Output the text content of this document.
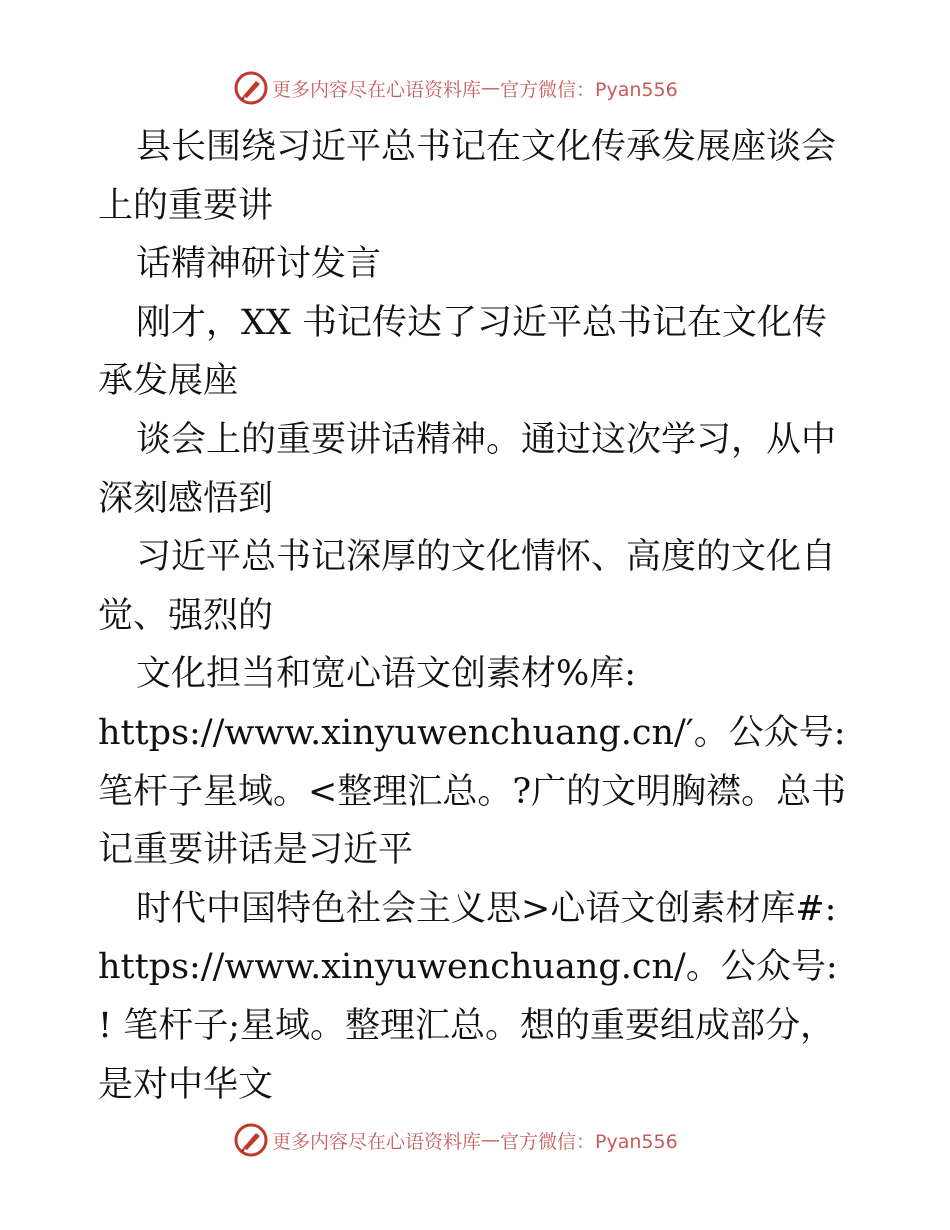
更多内容尽在心语资料库 — 官方微信：Pyan556

县长围绕习近平总书记在文化传承发展座谈会上的重要讲

话精神研讨发言

刚才，XX 书记传达了习近平总书记在文化传承发展座

谈会上的重要讲话精神。通过这次学习，从中深刻感悟到

习近平总书记深厚的文化情怀、高度的文化自觉、强烈的

文化担当和宽心语文创素材%库: https://www.xinyuwenchuang.cn/′。公众号: 笔杆子星域。<整理汇总。?广的文明胸襟。总书记重要讲话是习近平

时代中国特色社会主义思>心语文创素材库#: https://www.xinyuwenchuang.cn/。公众号: ! 笔杆子;星域。整理汇总。想的重要组成部分，是对中华文

更多内容尽在心语资料库 — 官方微信：Pyan556
